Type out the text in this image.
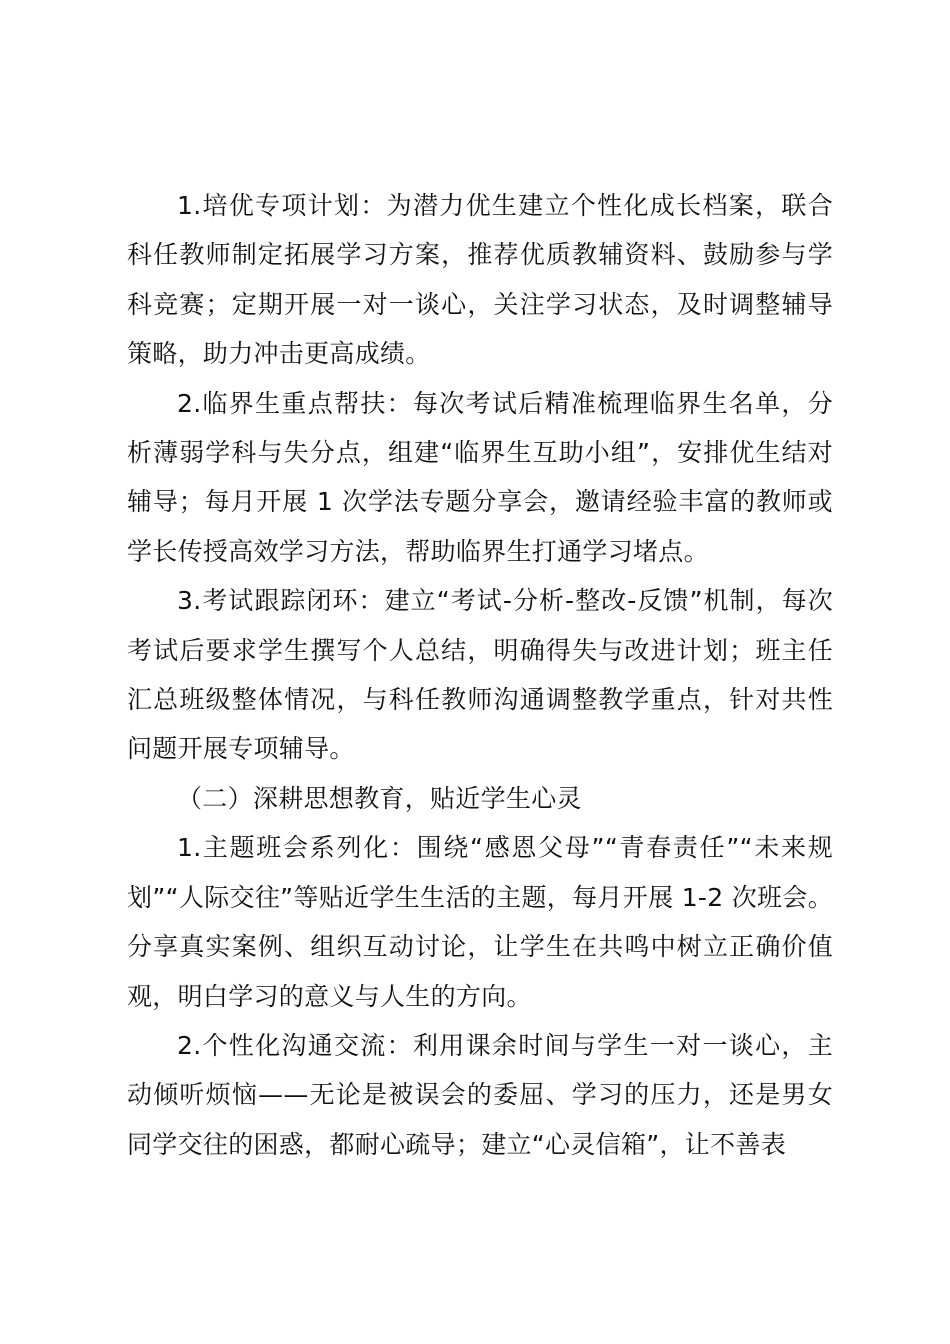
1.培优专项计划：为潜力优生建立个性化成长档案，联合科任教师制定拓展学习方案，推荐优质教辅资料、鼓励参与学科竞赛；定期开展一对一谈心，关注学习状态，及时调整辅导策略，助力冲击更高成绩。

2.临界生重点帮扶：每次考试后精准梳理临界生名单，分析薄弱学科与失分点，组建“临界生互助小组”，安排优生结对辅导；每月开展 1 次学法专题分享会，邀请经验丰富的教师或学长传授高效学习方法，帮助临界生打通学习堵点。

3.考试跟踪闭环：建立“考试-分析-整改-反馈”机制，每次考试后要求学生撰写个人总结，明确得失与改进计划；班主任汇总班级整体情况，与科任教师沟通调整教学重点，针对共性问题开展专项辅导。

（二）深耕思想教育，贴近学生心灵

1.主题班会系列化：围绕“感恩父母”“青春责任”“未来规划”“人际交往”等贴近学生生活的主题，每月开展 1-2 次班会。分享真实案例、组织互动讨论，让学生在共鸣中树立正确价值观，明白学习的意义与人生的方向。

2.个性化沟通交流：利用课余时间与学生一对一谈心，主动倾听烦恼——无论是被误会的委屈、学习的压力，还是男女同学交往的困惑，都耐心疏导；建立“心灵信箱”，让不善表
